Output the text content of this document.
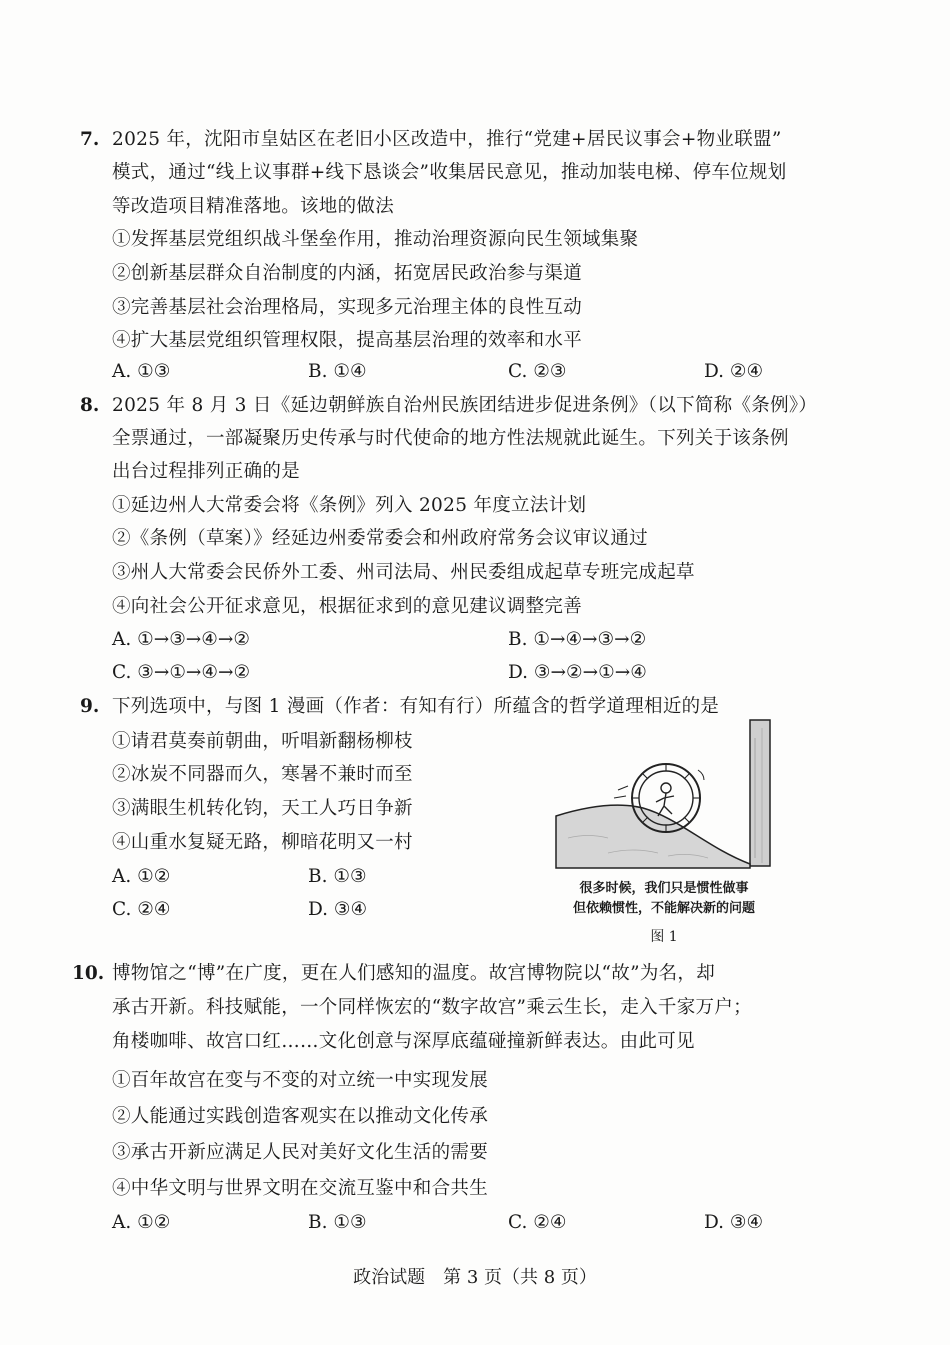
7. 2025 年，沈阳市皇姑区在老旧小区改造中，推行“党建+居民议事会+物业联盟”
模式，通过“线上议事群+线下恳谈会”收集居民意见，推动加装电梯、停车位规划
等改造项目精准落地。该地的做法
①发挥基层党组织战斗堡垒作用，推动治理资源向民生领域集聚
②创新基层群众自治制度的内涵，拓宽居民政治参与渠道
③完善基层社会治理格局，实现多元治理主体的良性互动
④扩大基层党组织管理权限，提高基层治理的效率和水平
A. ①③	B. ①④	C. ②③	D. ②④
8. 2025 年 8 月 3 日《延边朝鲜族自治州民族团结进步促进条例》（以下简称《条例》）
全票通过，一部凝聚历史传承与时代使命的地方性法规就此诞生。下列关于该条例
出台过程排列正确的是
①延边州人大常委会将《条例》列入 2025 年度立法计划
②《条例（草案）》经延边州委常委会和州政府常务会议审议通过
③州人大常委会民侨外工委、州司法局、州民委组成起草专班完成起草
④向社会公开征求意见，根据征求到的意见建议调整完善
A. ①→③→④→②	B. ①→④→③→②
C. ③→①→④→②	D. ③→②→①→④
9. 下列选项中，与图 1 漫画（作者：有知有行）所蕴含的哲学道理相近的是
①请君莫奏前朝曲，听唱新翻杨柳枝
②冰炭不同器而久，寒暑不兼时而至
③满眼生机转化钧，天工人巧日争新
④山重水复疑无路，柳暗花明又一村
A. ①②	B. ①③
C. ②④	D. ③④
很多时候，我们只是惯性做事
但依赖惯性，不能解决新的问题
图 1
10. 博物馆之“博”在广度，更在人们感知的温度。故宫博物院以“故”为名，却
承古开新。科技赋能，一个同样恢宏的“数字故宫”乘云生长，走入千家万户；
角楼咖啡、故宫口红……文化创意与深厚底蕴碰撞新鲜表达。由此可见
①百年故宫在变与不变的对立统一中实现发展
②人能通过实践创造客观实在以推动文化传承
③承古开新应满足人民对美好文化生活的需要
④中华文明与世界文明在交流互鉴中和合共生
A. ①②	B. ①③	C. ②④	D. ③④
政治试题　第 3 页（共 8 页）
